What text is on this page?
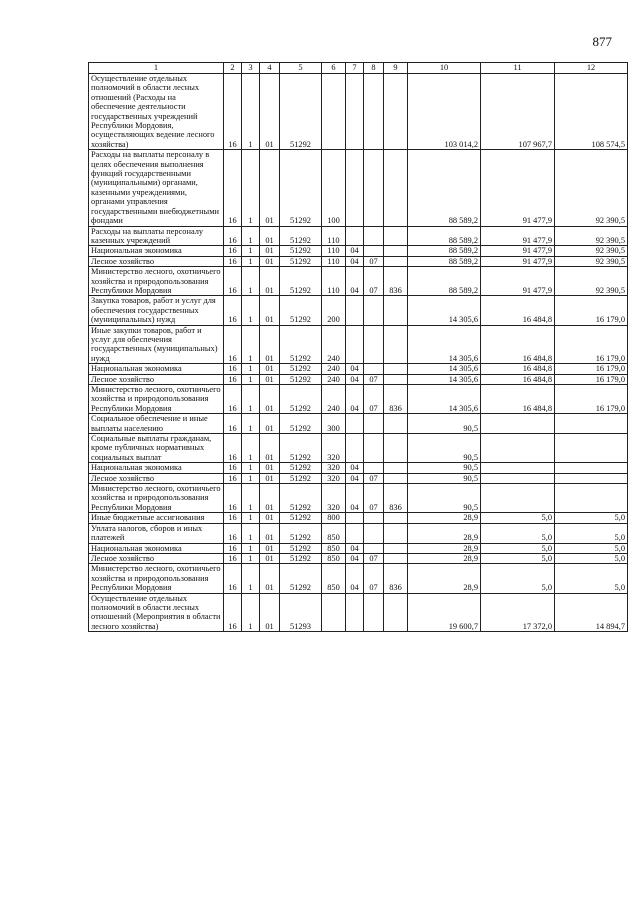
877
1	2	3	4	5	6	7	8	9	10	11	12
Осуществление отдельных полномочий в области лесных отношений (Расходы на обеспечение деятельности государственных учреждений Республики Мордовия, осуществляющих ведение лесного хозяйства)	16	1	01	51292					103 014,2	107 967,7	108 574,5
Расходы на выплаты персоналу в целях обеспечения выполнения функций государственными (муниципальными) органами, казенными учреждениями, органами управления государственными внебюджетными фондами	16	1	01	51292	100				88 589,2	91 477,9	92 390,5
Расходы на выплаты персоналу казенных учреждений	16	1	01	51292	110				88 589,2	91 477,9	92 390,5
Национальная экономика	16	1	01	51292	110	04			88 589,2	91 477,9	92 390,5
Лесное хозяйство	16	1	01	51292	110	04	07		88 589,2	91 477,9	92 390,5
Министерство лесного, охотничьего хозяйства и природопользования Республики Мордовия	16	1	01	51292	110	04	07	836	88 589,2	91 477,9	92 390,5
Закупка товаров, работ и услуг для обеспечения государственных (муниципальных) нужд	16	1	01	51292	200				14 305,6	16 484,8	16 179,0
Иные закупки товаров, работ и услуг для обеспечения государственных (муниципальных) нужд	16	1	01	51292	240				14 305,6	16 484,8	16 179,0
Национальная экономика	16	1	01	51292	240	04			14 305,6	16 484,8	16 179,0
Лесное хозяйство	16	1	01	51292	240	04	07		14 305,6	16 484,8	16 179,0
Министерство лесного, охотничьего хозяйства и природопользования Республики Мордовия	16	1	01	51292	240	04	07	836	14 305,6	16 484,8	16 179,0
Социальное обеспечение и иные выплаты населению	16	1	01	51292	300				90,5		
Социальные выплаты гражданам, кроме публичных нормативных социальных выплат	16	1	01	51292	320				90,5		
Национальная экономика	16	1	01	51292	320	04			90,5		
Лесное хозяйство	16	1	01	51292	320	04	07		90,5		
Министерство лесного, охотничьего хозяйства и природопользования Республики Мордовия	16	1	01	51292	320	04	07	836	90,5		
Иные бюджетные ассигнования	16	1	01	51292	800				28,9	5,0	5,0
Уплата налогов, сборов и иных платежей	16	1	01	51292	850				28,9	5,0	5,0
Национальная экономика	16	1	01	51292	850	04			28,9	5,0	5,0
Лесное хозяйство	16	1	01	51292	850	04	07		28,9	5,0	5,0
Министерство лесного, охотничьего хозяйства и природопользования Республики Мордовия	16	1	01	51292	850	04	07	836	28,9	5,0	5,0
Осуществление отдельных полномочий в области лесных отношений (Мероприятия в области лесного хозяйства)	16	1	01	51293					19 600,7	17 372,0	14 894,7
